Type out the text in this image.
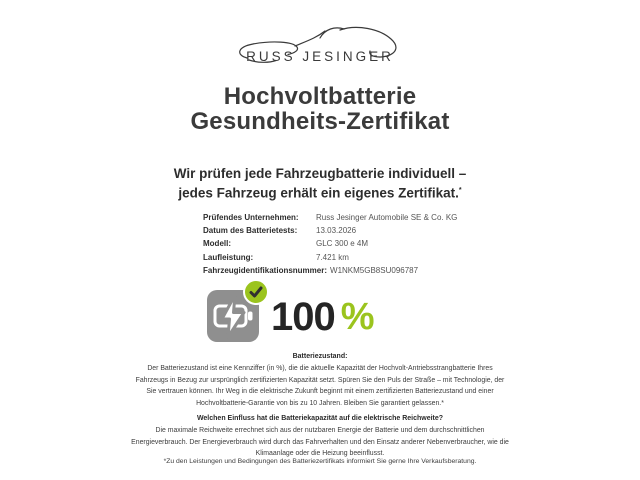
RUSS JESINGER
Hochvoltbatterie
Gesundheits-Zertifikat
Wir prüfen jede Fahrzeugbatterie individuell –
jedes Fahrzeug erhält ein eigenes Zertifikat.*
Prüfendes Unternehmen:	Russ Jesinger Automobile SE & Co. KG
Datum des Batterietests:	13.03.2026
Modell:	GLC 300 e 4M
Laufleistung:	7.421 km
Fahrzeugidentifikationsnummer: W1NKM5GB8SU096787
100 %
Batteriezustand:
Der Batteriezustand ist eine Kennziffer (in %), die die aktuelle Kapazität der Hochvolt-Antriebsstrangbatterie Ihres Fahrzeugs in Bezug zur ursprünglich zertifizierten Kapazität setzt. Spüren Sie den Puls der Straße – mit Technologie, der Sie vertrauen können. Ihr Weg in die elektrische Zukunft beginnt mit einem zertifizierten Batteriezustand und einer Hochvoltbatterie-Garantie von bis zu 10 Jahren. Bleiben Sie garantiert gelassen.*
Welchen Einfluss hat die Batteriekapazität auf die elektrische Reichweite?
Die maximale Reichweite errechnet sich aus der nutzbaren Energie der Batterie und dem durchschnittlichen Energieverbrauch. Der Energieverbrauch wird durch das Fahrverhalten und den Einsatz anderer Nebenverbraucher, wie die Klimaanlage oder die Heizung beeinflusst.
*Zu den Leistungen und Bedingungen des Batteriezertifikats informiert Sie gerne Ihre Verkaufsberatung.
